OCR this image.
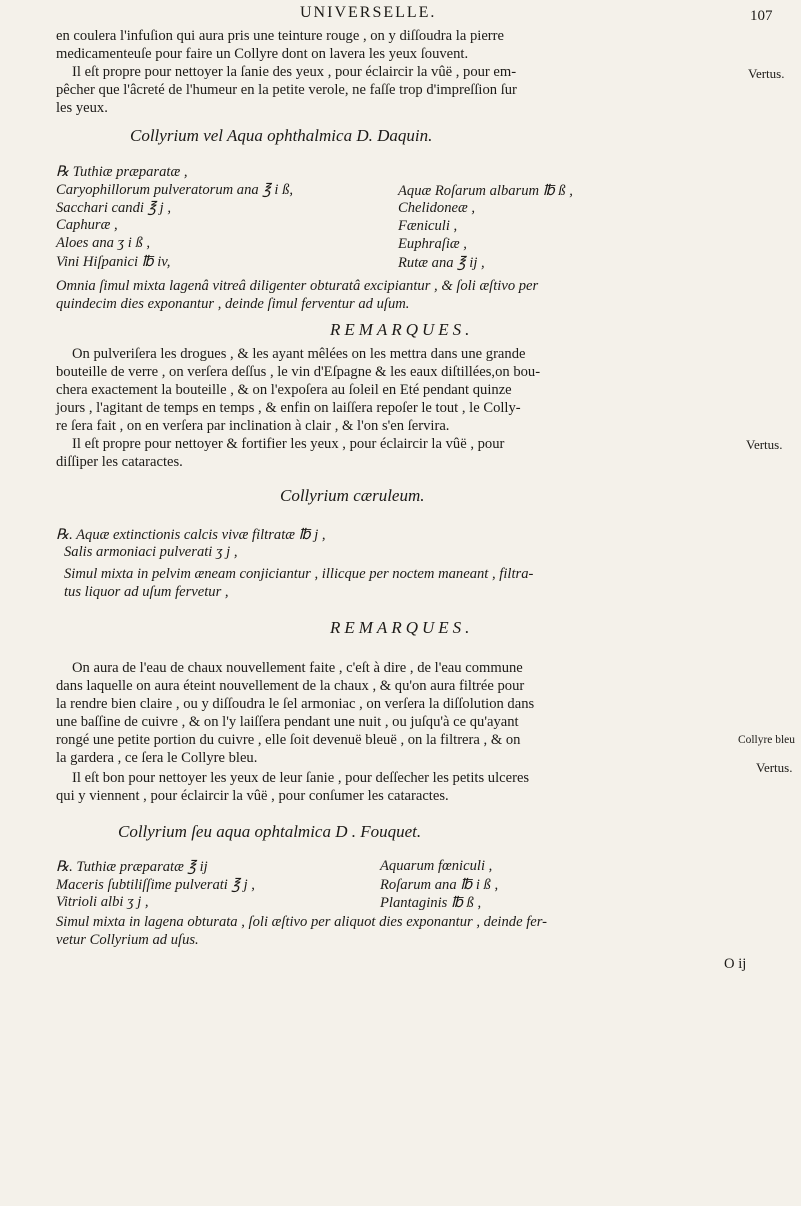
UNIVERSELLE.	107
en coulera l'infuſion qui aura pris une teinture rouge , on y diſſoudra la pierre
medicamenteuſe pour faire un Collyre dont on lavera les yeux ſouvent.
Il eſt propre pour nettoyer la ſanie des yeux , pour éclaircir la vûë , pour em-
pêcher que l'âcreté de l'humeur en la petite verole, ne faſſe trop d'impreſſion ſur
les yeux.
Vertus.
Collyrium vel Aqua ophthalmica D. Daquin.
℞ Tuthiæ præparatæ ,
Caryophillorum pulveratorum ana ℥ i ß,
Sacchari candi ℥ j ,
Caphuræ ,
Aloes ana ʒ i ß ,
Vini Hiſpanici ℔ iv,
Aquæ Roſarum albarum ℔ ß ,
Chelidoneæ ,
Fæniculi ,
Euphraſiæ ,
Rutæ ana ℥ ij ,
Omnia ſimul mixta lagenâ vitreâ diligenter obturatâ excipiantur , & ſoli æſtivo per
quindecim dies exponantur , deinde ſimul ferventur ad uſum.
REMARQUES.
On pulveriſera les drogues , & les ayant mêlées on les mettra dans une grande
bouteille de verre , on verſera deſſus , le vin d'Eſpagne & les eaux diſtillées,on bou-
chera exactement la bouteille , & on l'expoſera au ſoleil en Eté pendant quinze
jours , l'agitant de temps en temps , & enfin on laiſſera repoſer le tout , le Colly-
re ſera fait , on en verſera par inclination à clair , & l'on s'en ſervira.
Il eſt propre pour nettoyer & fortifier les yeux , pour éclaircir la vûë , pour
diſſiper les cataractes.
Vertus.
Collyrium cæruleum.
℞. Aquæ extinctionis calcis vivæ filtratæ ℔ j ,
Salis armoniaci pulverati ʒ j ,
Simul mixta in pelvim æneam conjiciantur , illicque per noctem maneant , filtra-
tus liquor ad uſum fervetur ,
REMARQUES.
On aura de l'eau de chaux nouvellement faite , c'eſt à dire , de l'eau commune
dans laquelle on aura éteint nouvellement de la chaux , & qu'on aura filtrée pour
la rendre bien claire , ou y diſſoudra le ſel armoniac , on verſera la diſſolution dans
une baſſine de cuivre , & on l'y laiſſera pendant une nuit , ou juſqu'à ce qu'ayant
rongé une petite portion du cuivre , elle ſoit devenuë bleuë , on la filtrera , & on
la gardera , ce ſera le Collyre bleu.
Il eſt bon pour nettoyer les yeux de leur ſanie , pour deſſecher les petits ulceres
qui y viennent , pour éclaircir la vûë , pour conſumer les cataractes.
Collyre bleu
Vertus.
Collyrium ſeu aqua ophtalmica D . Fouquet.
℞. Tuthiæ præparatæ ℥ ij
Maceris ſubtiliſſime pulverati ℥ j ,
Vitrioli albi ʒ j ,
Aquarum fœniculi ,
Roſarum ana ℔ i ß ,
Plantaginis ℔ ß ,
Simul mixta in lagena obturata , ſoli æſtivo per aliquot dies exponantur , deinde fer-
vetur Collyrium ad uſus.
O ij
